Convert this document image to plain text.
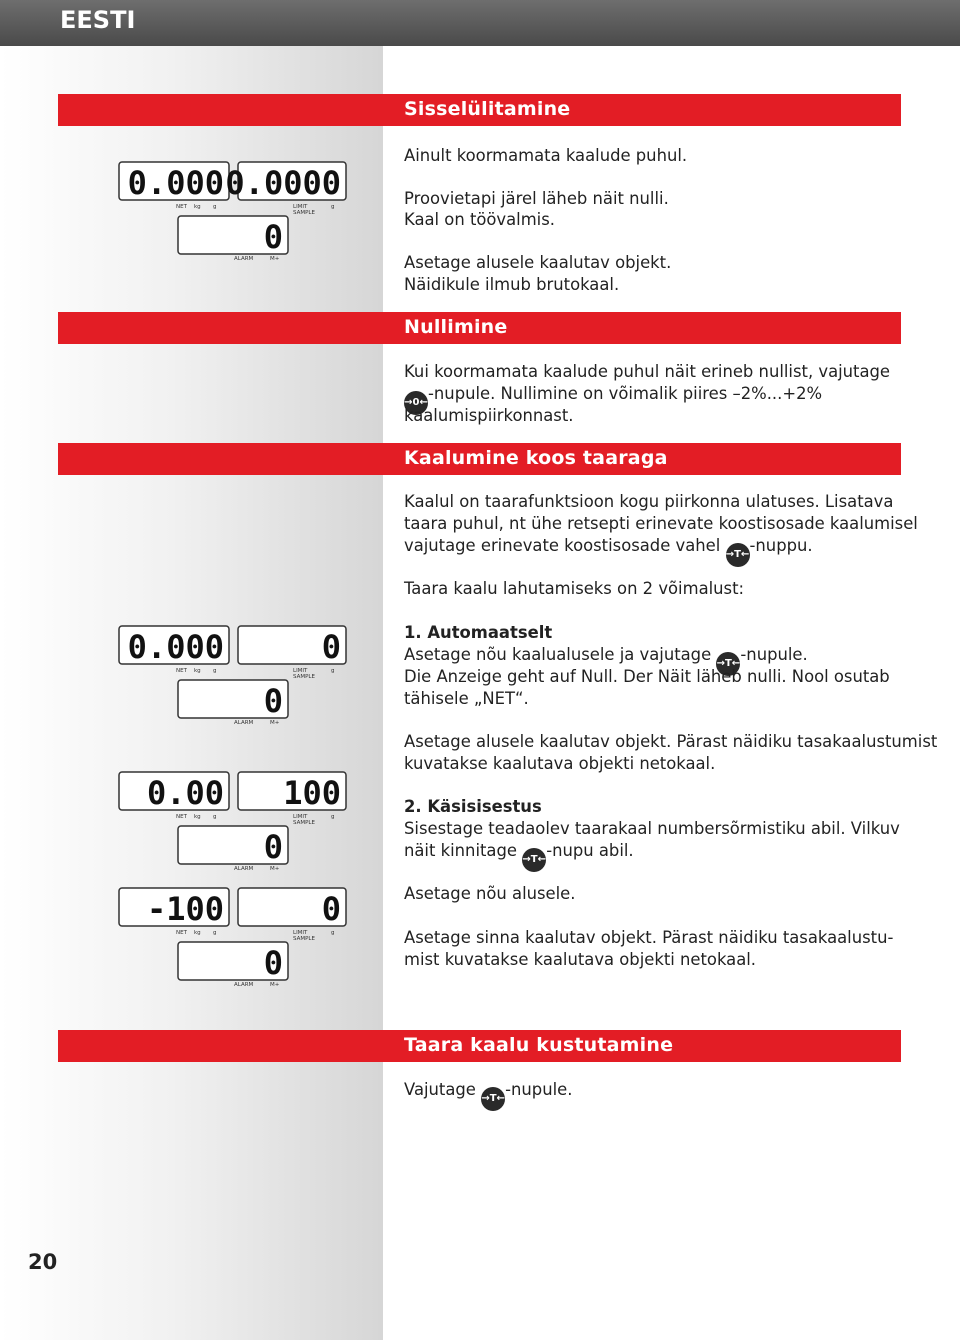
EESTI
Sisselülitamine
Nullimine
Kaalumine koos taaraga
Taara kaalu kustutamine
Ainult koormamata kaalude puhul.
Proovietapi järel läheb näit nulli.
Kaal on töövalmis.
Asetage alusele kaalutav objekt.
Näidikule ilmub brutokaal.
Kui koormamata kaalude puhul näit erineb nullist, vajutage
→0←-nupule. Nullimine on võimalik piires –2%...+2%
kaalumispiirkonnast.
Kaalul on taarafunktsioon kogu piirkonna ulatuses. Lisatava
taara puhul, nt ühe retsepti erinevate koostisosade kaalumisel
vajutage erinevate koostisosade vahel →T←-nuppu.
Taara kaalu lahutamiseks on 2 võimalust:
1. Automaatselt
Asetage nõu kaalualusele ja vajutage →T←-nupule.
Die Anzeige geht auf Null. Der Näit läheb nulli. Nool osutab
tähisele „NET“.
Asetage alusele kaalutav objekt. Pärast näidiku tasakaalustumist
kuvatakse kaalutava objekti netokaal.
2. Käsisisestus
Sisestage teadaolev taarakaal numbersõrmistiku abil. Vilkuv
näit kinnitage →T←-nupu abil.
Asetage nõu alusele.
Asetage sinna kaalutav objekt. Pärast näidiku tasakaalustu-
mist kuvatakse kaalutava objekti netokaal.
Vajutage →T←-nupule.
0.000 0.0000
0
NET kg g	LIMIT
SAMPLE
g
ALARM	M+
0.000	0
0
NET kg g	LIMIT
SAMPLE
g
ALARM	M+
0.00 100
0
NET kg g	LIMIT
SAMPLE
g
ALARM	M+
-100	0
0
NET kg g	LIMIT
SAMPLE
g
ALARM	M+
20
